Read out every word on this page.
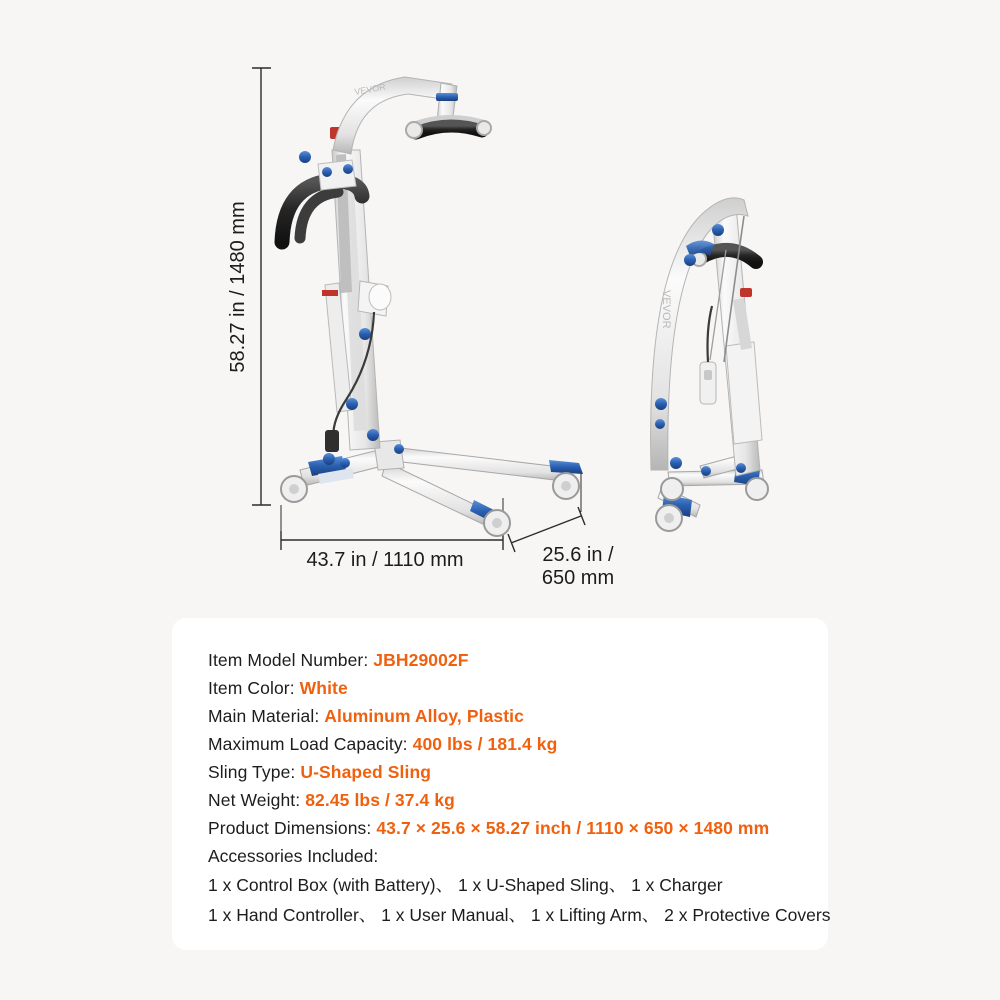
58.27 in / 1480 mm
43.7 in / 1110 mm	25.6 in /
650 mm
VEVOR
VEVOR
Item Model Number: JBH29002F
Item Color: White
Main Material: Aluminum Alloy, Plastic
Maximum Load Capacity: 400 lbs / 181.4 kg
Sling Type: U-Shaped Sling
Net Weight: 82.45 lbs / 37.4 kg
Product Dimensions: 43.7 × 25.6 × 58.27 inch / 1110 × 650 × 1480 mm
Accessories Included:
1 x Control Box (with Battery)、 1 x U-Shaped Sling、 1 x Charger
1 x Hand Controller、 1 x User Manual、 1 x Lifting Arm、 2 x Protective Covers
